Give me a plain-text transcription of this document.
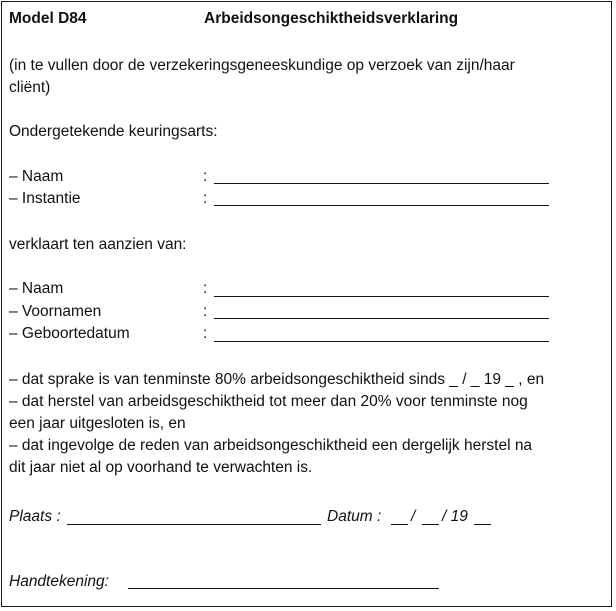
Model D84	Arbeidsongeschiktheidsverklaring
(in te vullen door de verzekeringsgeneeskundige op verzoek van zijn/haar
cliënt)
Ondergetekende keuringsarts:
– Naam	:
– Instantie	:
verklaart ten aanzien van:
– Naam	:
– Voornamen	:
– Geboortedatum	:
– dat sprake is van tenminste 80% arbeidsongeschiktheid sinds _ / _ 19 _ , en
– dat herstel van arbeidsgeschiktheid tot meer dan 20% voor tenminste nog
een jaar uitgesloten is, en
– dat ingevolge de reden van arbeidsongeschiktheid een dergelijk herstel na
dit jaar niet al op voorhand te verwachten is.
Plaats :	Datum : / / 19
Handtekening:
